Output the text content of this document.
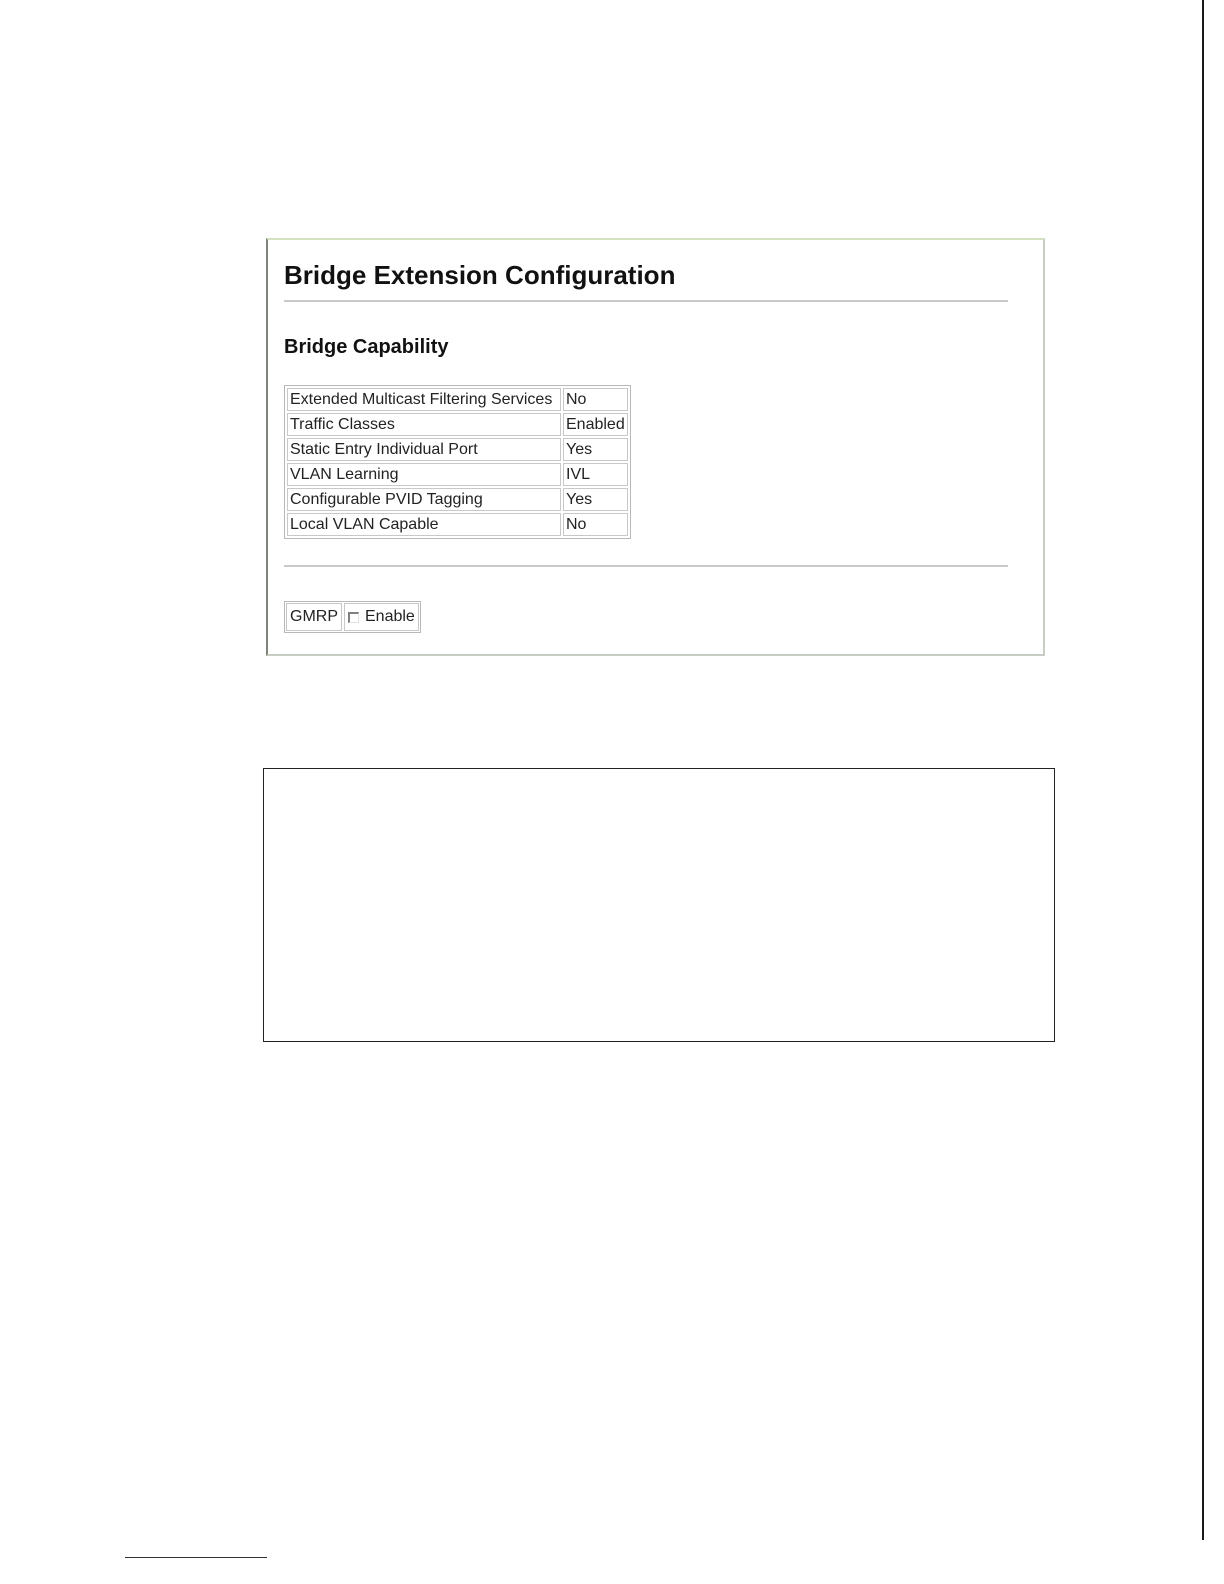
Bridge Extension Configuration
Bridge Capability
Extended Multicast Filtering Services	No
Traffic Classes	Enabled
Static Entry Individual Port	Yes
VLAN Learning	IVL
Configurable PVID Tagging	Yes
Local VLAN Capable	No
GMRP Enable
